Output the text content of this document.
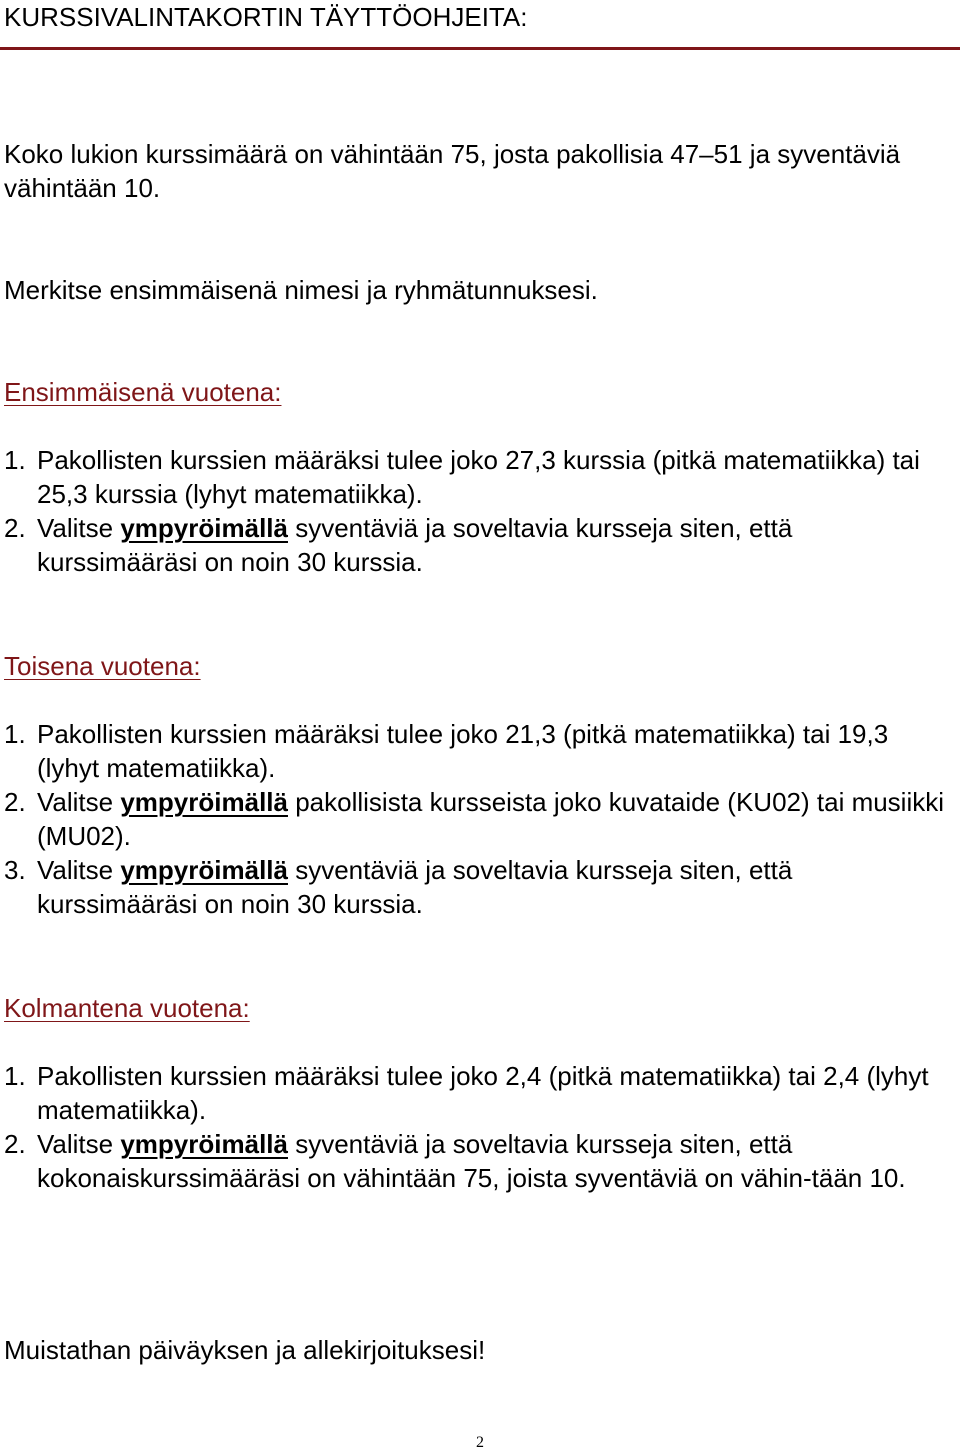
KURSSIVALINTAKORTIN TÄYTTÖOHJEITA:

Koko lukion kurssimäärä on vähintään 75, josta pakollisia 47–51 ja syventäviä vähintään 10.

Merkitse ensimmäisenä nimesi ja ryhmätunnuksesi.

Ensimmäisenä vuotena:
1. Pakollisten kurssien määräksi tulee joko 27,3 kurssia (pitkä matematiikka) tai 25,3 kurssia (lyhyt matematiikka).
2. Valitse ympyröimällä syventäviä ja soveltavia kursseja siten, että kurssimääräsi on noin 30 kurssia.
Toisena vuotena:
1. Pakollisten kurssien määräksi tulee joko 21,3 (pitkä matematiikka) tai 19,3 (lyhyt matematiikka).
2. Valitse ympyröimällä pakollisista kursseista joko kuvataide (KU02) tai musiikki (MU02).
3. Valitse ympyröimällä syventäviä ja soveltavia kursseja siten, että kurssimääräsi on noin 30 kurssia.
Kolmantena vuotena:
1. Pakollisten kurssien määräksi tulee joko 2,4 (pitkä matematiikka) tai 2,4 (lyhyt matematiikka).
2. Valitse ympyröimällä syventäviä ja soveltavia kursseja siten, että kokonaiskurssimääräsi on vähintään 75, joista syventäviä on vähin-tään 10.

Muistathan päiväyksen ja allekirjoituksesi!

2
